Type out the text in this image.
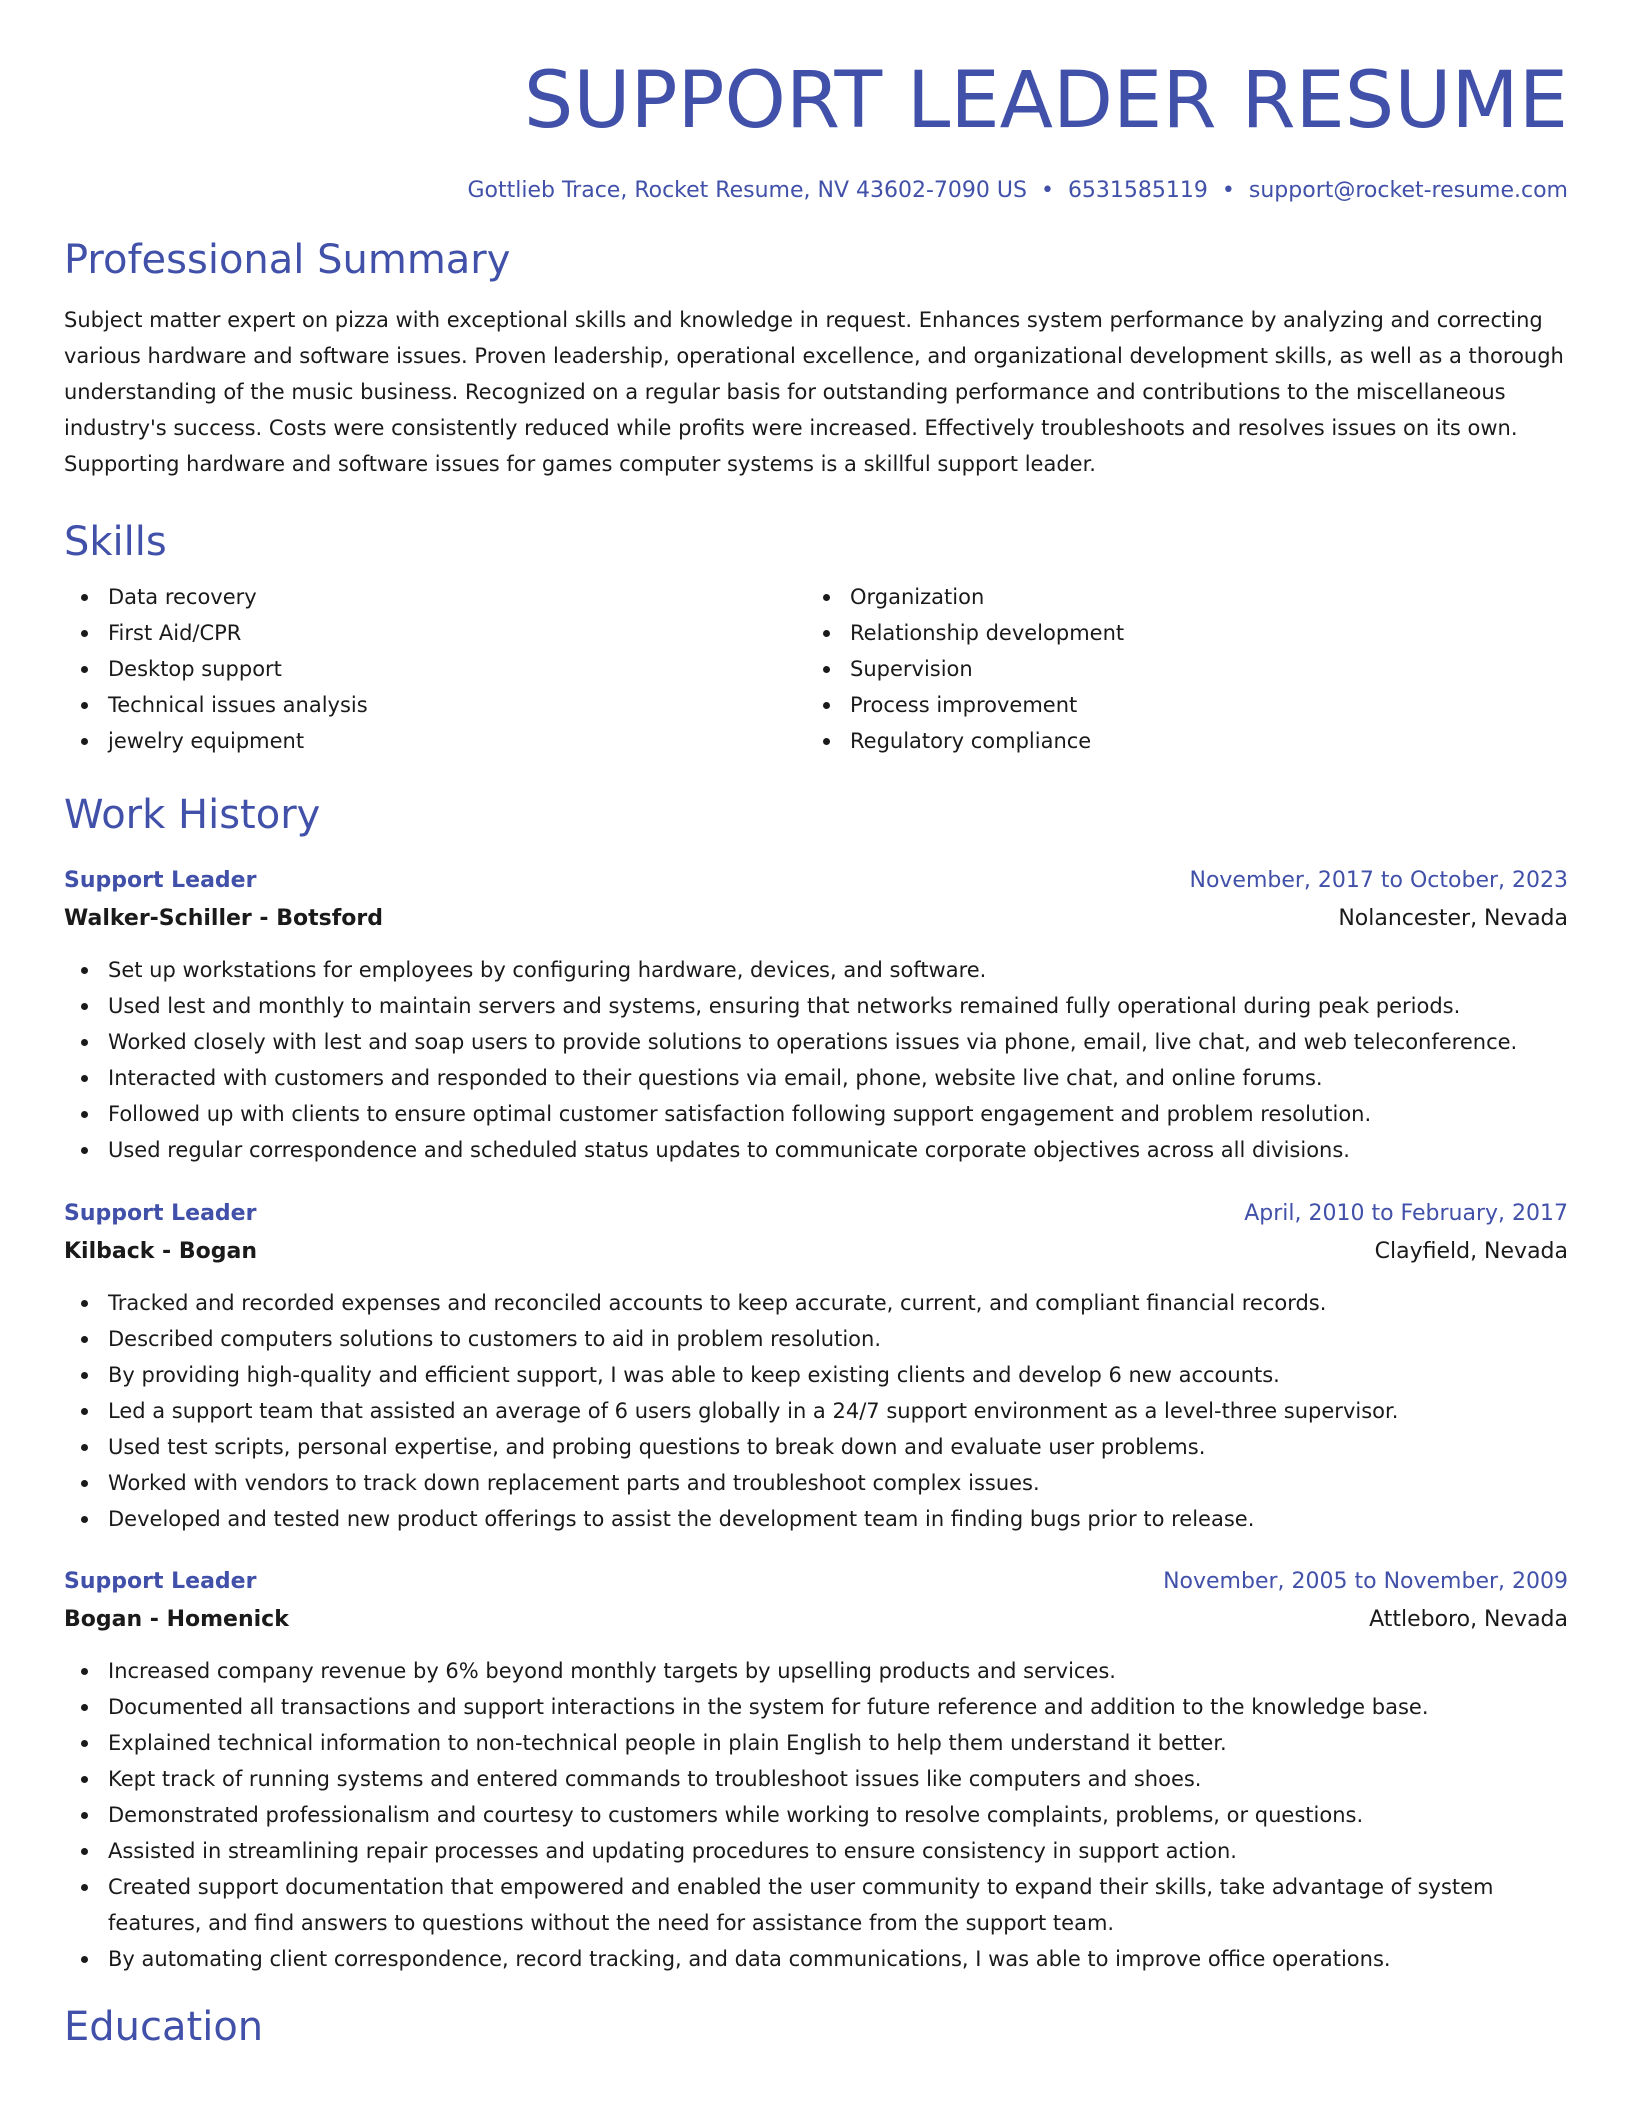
SUPPORT LEADER RESUME
Gottlieb Trace, Rocket Resume, NV 43602-7090 US • 6531585119 • support@rocket-resume.com
Professional Summary
Subject matter expert on pizza with exceptional skills and knowledge in request. Enhances system performance by analyzing and correcting various hardware and software issues. Proven leadership, operational excellence, and organizational development skills, as well as a thorough understanding of the music business. Recognized on a regular basis for outstanding performance and contributions to the miscellaneous industry's success. Costs were consistently reduced while profits were increased. Effectively troubleshoots and resolves issues on its own. Supporting hardware and software issues for games computer systems is a skillful support leader.
Skills
Data recovery
First Aid/CPR
Desktop support
Technical issues analysis
jewelry equipment
Organization
Relationship development
Supervision
Process improvement
Regulatory compliance
Work History
Support Leader	November, 2017 to October, 2023
Walker-Schiller - Botsford	Nolancester, Nevada
Set up workstations for employees by configuring hardware, devices, and software.
Used lest and monthly to maintain servers and systems, ensuring that networks remained fully operational during peak periods.
Worked closely with lest and soap users to provide solutions to operations issues via phone, email, live chat, and web teleconference.
Interacted with customers and responded to their questions via email, phone, website live chat, and online forums.
Followed up with clients to ensure optimal customer satisfaction following support engagement and problem resolution.
Used regular correspondence and scheduled status updates to communicate corporate objectives across all divisions.
Support Leader	April, 2010 to February, 2017
Kilback - Bogan	Clayfield, Nevada
Tracked and recorded expenses and reconciled accounts to keep accurate, current, and compliant financial records.
Described computers solutions to customers to aid in problem resolution.
By providing high-quality and efficient support, I was able to keep existing clients and develop 6 new accounts.
Led a support team that assisted an average of 6 users globally in a 24/7 support environment as a level-three supervisor.
Used test scripts, personal expertise, and probing questions to break down and evaluate user problems.
Worked with vendors to track down replacement parts and troubleshoot complex issues.
Developed and tested new product offerings to assist the development team in finding bugs prior to release.
Support Leader	November, 2005 to November, 2009
Bogan - Homenick	Attleboro, Nevada
Increased company revenue by 6% beyond monthly targets by upselling products and services.
Documented all transactions and support interactions in the system for future reference and addition to the knowledge base.
Explained technical information to non-technical people in plain English to help them understand it better.
Kept track of running systems and entered commands to troubleshoot issues like computers and shoes.
Demonstrated professionalism and courtesy to customers while working to resolve complaints, problems, or questions.
Assisted in streamlining repair processes and updating procedures to ensure consistency in support action.
Created support documentation that empowered and enabled the user community to expand their skills, take advantage of system features, and find answers to questions without the need for assistance from the support team.
By automating client correspondence, record tracking, and data communications, I was able to improve office operations.
Education
